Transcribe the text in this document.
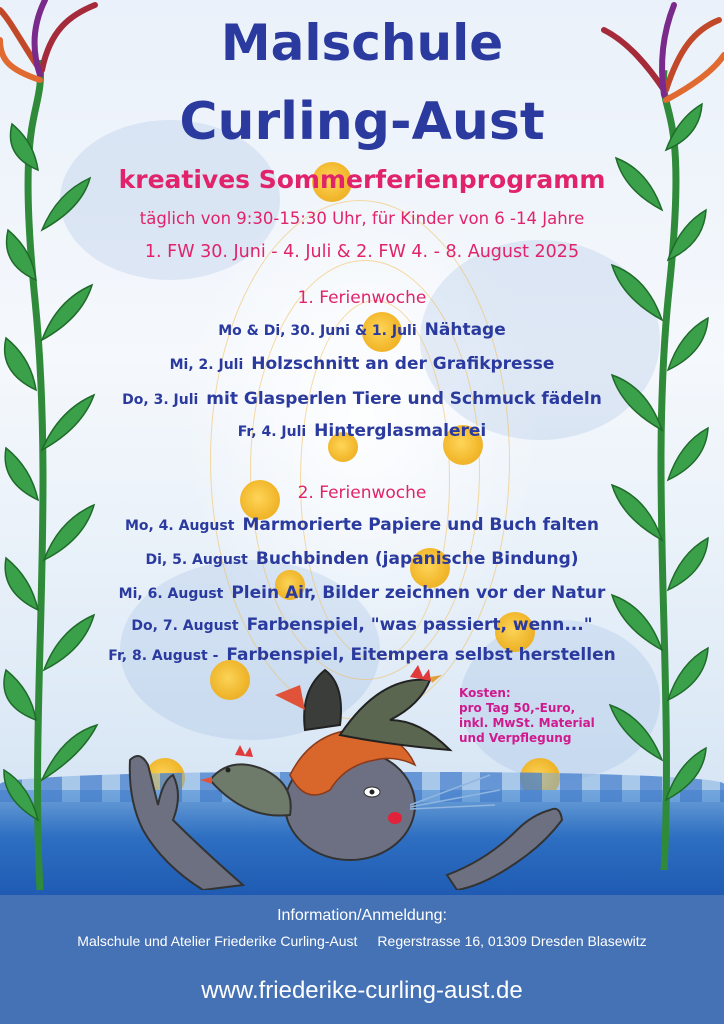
Malschule
Curling-Aust
kreatives Sommerferienprogramm
täglich von 9:30-15:30 Uhr, für Kinder von 6 -14 Jahre
1. FW 30. Juni - 4. Juli & 2. FW 4. - 8. August 2025
1. Ferienwoche
Mo & Di, 30. Juni & 1. Juli Nähtage
Mi, 2. Juli Holzschnitt an der Grafikpresse
Do, 3. Juli mit Glasperlen Tiere und Schmuck fädeln
Fr, 4. Juli Hinterglasmalerei
2. Ferienwoche
Mo, 4. August Marmorierte Papiere und Buch falten
Di, 5. August Buchbinden (japanische Bindung)
Mi, 6. August Plein Air, Bilder zeichnen vor der Natur
Do, 7. August Farbenspiel, "was passiert, wenn..."
Fr, 8. August - Farbenspiel, Eitempera selbst herstellen
Kosten:
pro Tag 50,-Euro,
inkl. MwSt. Material
und Verpflegung
Information/Anmeldung:
Malschule und Atelier Friederike Curling-Aust Regerstrasse 16, 01309 Dresden Blasewitz
www.friederike-curling-aust.de
